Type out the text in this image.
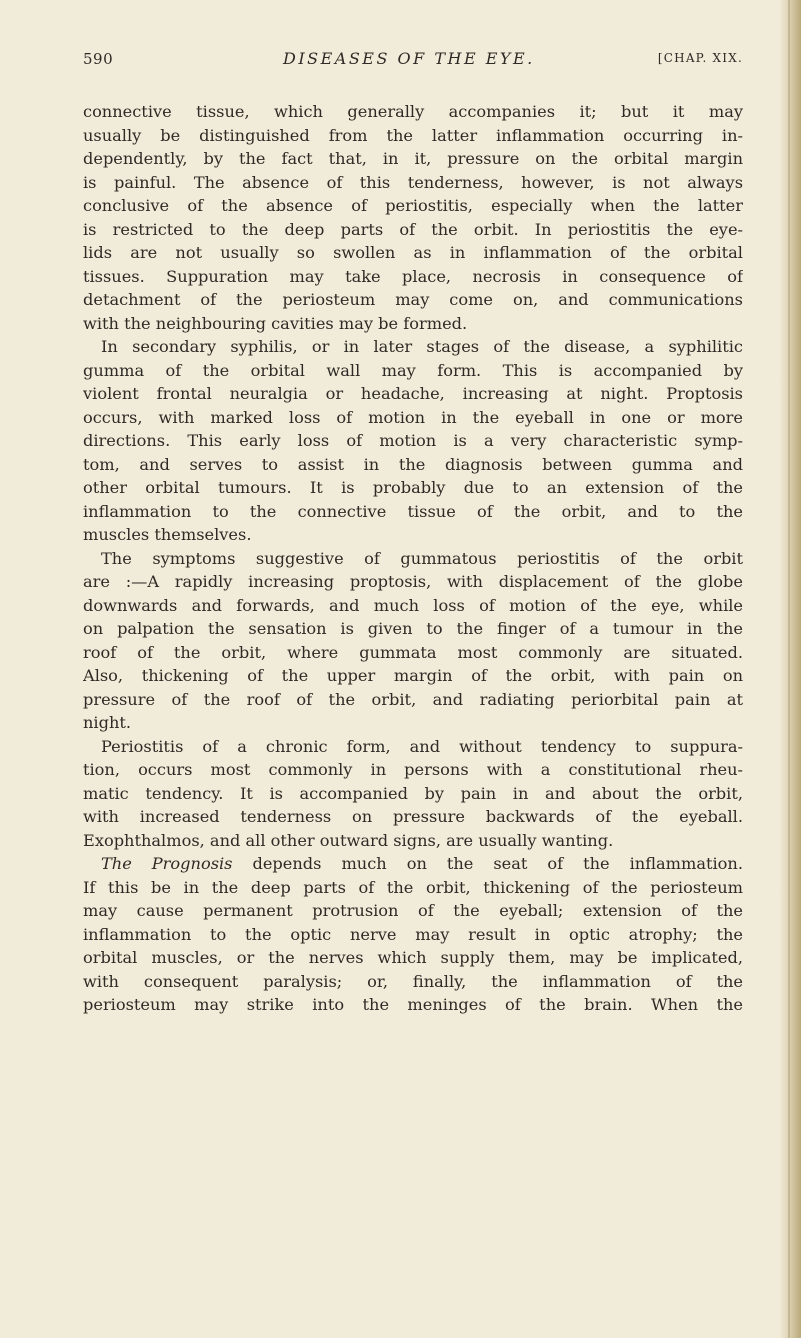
590	DISEASES OF THE EYE.	[CHAP. XIX.
connective tissue, which generally accompanies it; but it may
usually be distinguished from the latter inflammation occurring in-
dependently, by the fact that, in it, pressure on the orbital margin
is painful. The absence of this tenderness, however, is not always
conclusive of the absence of periostitis, especially when the latter
is restricted to the deep parts of the orbit. In periostitis the eye-
lids are not usually so swollen as in inflammation of the orbital
tissues. Suppuration may take place, necrosis in consequence of
detachment of the periosteum may come on, and communications
with the neighbouring cavities may be formed.
In secondary syphilis, or in later stages of the disease, a syphilitic
gumma of the orbital wall may form. This is accompanied by
violent frontal neuralgia or headache, increasing at night. Proptosis
occurs, with marked loss of motion in the eyeball in one or more
directions. This early loss of motion is a very characteristic symp-
tom, and serves to assist in the diagnosis between gumma and
other orbital tumours. It is probably due to an extension of the
inflammation to the connective tissue of the orbit, and to the
muscles themselves.
The symptoms suggestive of gummatous periostitis of the orbit
are :—A rapidly increasing proptosis, with displacement of the globe
downwards and forwards, and much loss of motion of the eye, while
on palpation the sensation is given to the finger of a tumour in the
roof of the orbit, where gummata most commonly are situated.
Also, thickening of the upper margin of the orbit, with pain on
pressure of the roof of the orbit, and radiating periorbital pain at
night.
Periostitis of a chronic form, and without tendency to suppura-
tion, occurs most commonly in persons with a constitutional rheu-
matic tendency. It is accompanied by pain in and about the orbit,
with increased tenderness on pressure backwards of the eyeball.
Exophthalmos, and all other outward signs, are usually wanting.
The Prognosis depends much on the seat of the inflammation.
If this be in the deep parts of the orbit, thickening of the periosteum
may cause permanent protrusion of the eyeball; extension of the
inflammation to the optic nerve may result in optic atrophy; the
orbital muscles, or the nerves which supply them, may be implicated,
with consequent paralysis; or, finally, the inflammation of the
periosteum may strike into the meninges of the brain. When the
